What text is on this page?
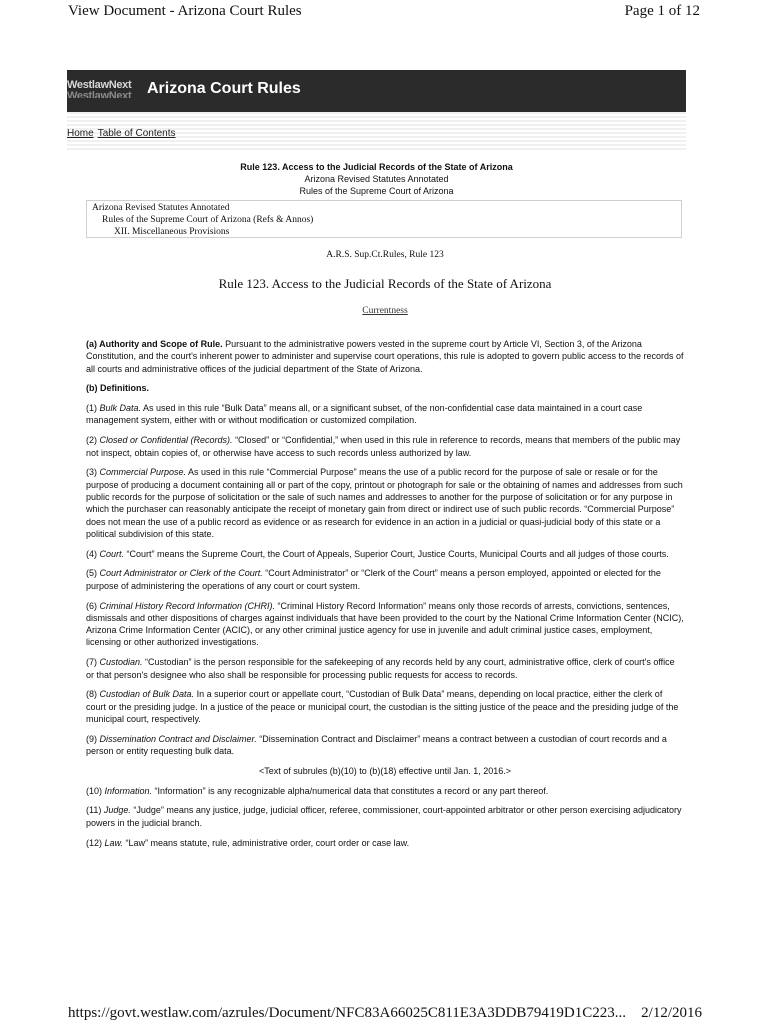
View Document - Arizona Court Rules	Page 1 of 12
WestlawNext
WestlawNext Arizona Court Rules
Home Table of Contents
Rule 123. Access to the Judicial Records of the State of Arizona
Arizona Revised Statutes Annotated
Rules of the Supreme Court of Arizona
Arizona Revised Statutes Annotated
Rules of the Supreme Court of Arizona (Refs & Annos)
XII. Miscellaneous Provisions
A.R.S. Sup.Ct.Rules, Rule 123
Rule 123. Access to the Judicial Records of the State of Arizona
Currentness

(a) Authority and Scope of Rule. Pursuant to the administrative powers vested in the supreme court by Article VI, Section 3, of the Arizona Constitution, and the court's inherent power to administer and supervise court operations, this rule is adopted to govern public access to the records of all courts and administrative offices of the judicial department of the State of Arizona.

(b) Definitions.

(1) Bulk Data. As used in this rule “Bulk Data” means all, or a significant subset, of the non-confidential case data maintained in a court case management system, either with or without modification or customized compilation.

(2) Closed or Confidential (Records). “Closed” or “Confidential,” when used in this rule in reference to records, means that members of the public may not inspect, obtain copies of, or otherwise have access to such records unless authorized by law.

(3) Commercial Purpose. As used in this rule “Commercial Purpose” means the use of a public record for the purpose of sale or resale or for the purpose of producing a document containing all or part of the copy, printout or photograph for sale or the obtaining of names and addresses from such public records for the purpose of solicitation or the sale of such names and addresses to another for the purpose of solicitation or for any purpose in which the purchaser can reasonably anticipate the receipt of monetary gain from direct or indirect use of such public records. “Commercial Purpose” does not mean the use of a public record as evidence or as research for evidence in an action in a judicial or quasi-judicial body of this state or a political subdivision of this state.

(4) Court. “Court” means the Supreme Court, the Court of Appeals, Superior Court, Justice Courts, Municipal Courts and all judges of those courts.

(5) Court Administrator or Clerk of the Court. “Court Administrator” or “Clerk of the Court” means a person employed, appointed or elected for the purpose of administering the operations of any court or court system.

(6) Criminal History Record Information (CHRI). “Criminal History Record Information” means only those records of arrests, convictions, sentences, dismissals and other dispositions of charges against individuals that have been provided to the court by the National Crime Information Center (NCIC), Arizona Crime Information Center (ACIC), or any other criminal justice agency for use in juvenile and adult criminal justice cases, employment, licensing or other authorized investigations.

(7) Custodian. “Custodian” is the person responsible for the safekeeping of any records held by any court, administrative office, clerk of court's office or that person's designee who also shall be responsible for processing public requests for access to records.

(8) Custodian of Bulk Data. In a superior court or appellate court, “Custodian of Bulk Data” means, depending on local practice, either the clerk of court or the presiding judge. In a justice of the peace or municipal court, the custodian is the sitting justice of the peace and the presiding judge of the municipal court, respectively.

(9) Dissemination Contract and Disclaimer. “Dissemination Contract and Disclaimer” means a contract between a custodian of court records and a person or entity requesting bulk data.

<Text of subrules (b)(10) to (b)(18) effective until Jan. 1, 2016.>

(10) Information. “Information” is any recognizable alpha/numerical data that constitutes a record or any part thereof.

(11) Judge. “Judge” means any justice, judge, judicial officer, referee, commissioner, court-appointed arbitrator or other person exercising adjudicatory powers in the judicial branch.

(12) Law. “Law” means statute, rule, administrative order, court order or case law.

https://govt.westlaw.com/azrules/Document/NFC83A66025C811E3A3DDB79419D1C223... 2/12/2016
